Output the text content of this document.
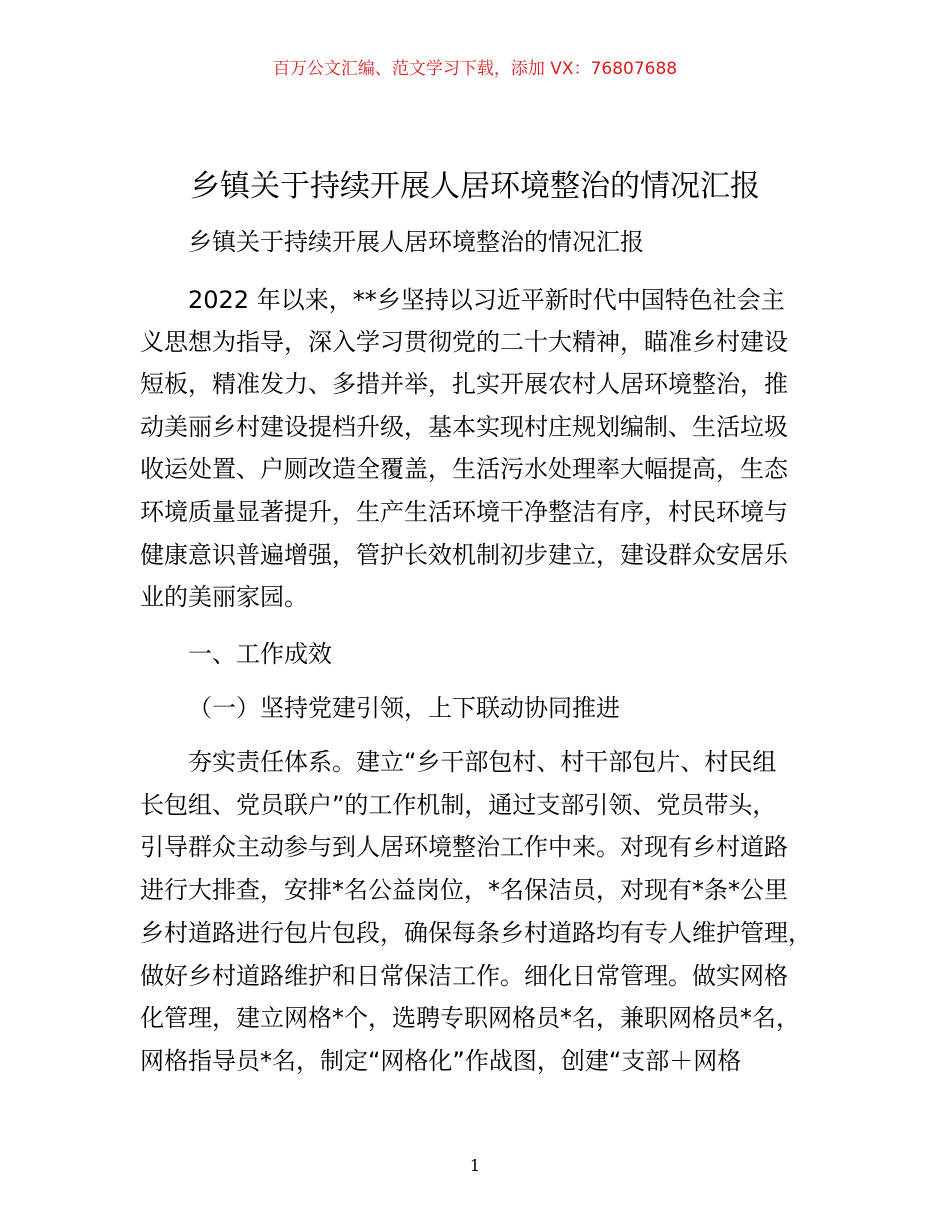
百万公文汇编、范文学习下载，添加 VX：76807688
乡镇关于持续开展人居环境整治的情况汇报
乡镇关于持续开展人居环境整治的情况汇报
2022 年以来，**乡坚持以习近平新时代中国特色社会主
义思想为指导，深入学习贯彻党的二十大精神，瞄准乡村建设
短板，精准发力、多措并举，扎实开展农村人居环境整治，推
动美丽乡村建设提档升级，基本实现村庄规划编制、生活垃圾
收运处置、户厕改造全覆盖，生活污水处理率大幅提高，生态
环境质量显著提升，生产生活环境干净整洁有序，村民环境与
健康意识普遍增强，管护长效机制初步建立，建设群众安居乐
业的美丽家园。
一、工作成效
（一）坚持党建引领，上下联动协同推进
夯实责任体系。建立“乡干部包村、村干部包片、村民组
长包组、党员联户”的工作机制，通过支部引领、党员带头，
引导群众主动参与到人居环境整治工作中来。对现有乡村道路
进行大排查，安排*名公益岗位，*名保洁员，对现有*条*公里
乡村道路进行包片包段，确保每条乡村道路均有专人维护管理，
做好乡村道路维护和日常保洁工作。细化日常管理。做实网格
化管理，建立网格*个，选聘专职网格员*名，兼职网格员*名，
网格指导员*名，制定“网格化”作战图，创建“支部＋网格
1
